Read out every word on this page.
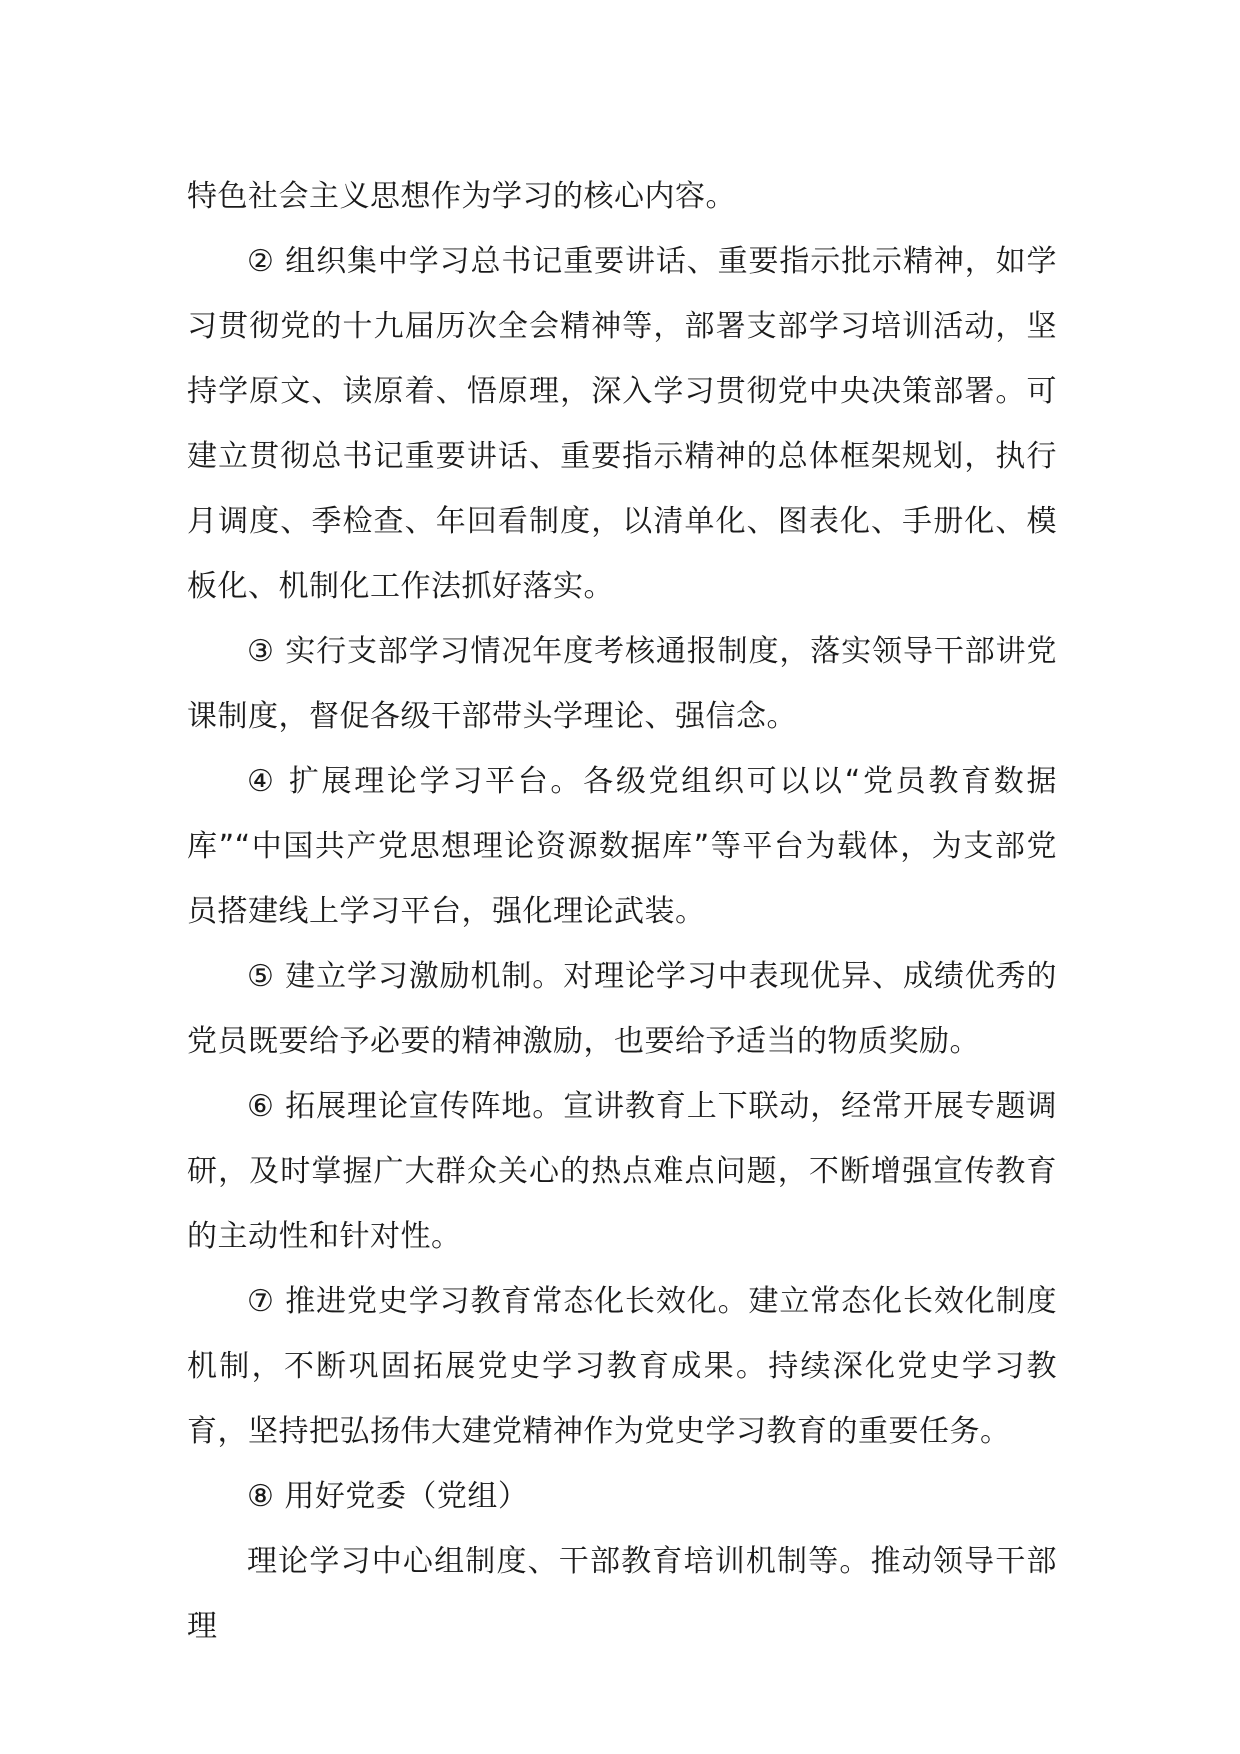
特色社会主义思想作为学习的核心内容。

② 组织集中学习总书记重要讲话、重要指示批示精神，如学习贯彻党的十九届历次全会精神等，部署支部学习培训活动，坚持学原文、读原着、悟原理，深入学习贯彻党中央决策部署。可建立贯彻总书记重要讲话、重要指示精神的总体框架规划，执行月调度、季检查、年回看制度，以清单化、图表化、手册化、模板化、机制化工作法抓好落实。

③ 实行支部学习情况年度考核通报制度，落实领导干部讲党课制度，督促各级干部带头学理论、强信念。

④ 扩展理论学习平台。各级党组织可以以“党员教育数据库”“中国共产党思想理论资源数据库”等平台为载体，为支部党员搭建线上学习平台，强化理论武装。

⑤ 建立学习激励机制。对理论学习中表现优异、成绩优秀的党员既要给予必要的精神激励，也要给予适当的物质奖励。

⑥ 拓展理论宣传阵地。宣讲教育上下联动，经常开展专题调研，及时掌握广大群众关心的热点难点问题，不断增强宣传教育的主动性和针对性。

⑦ 推进党史学习教育常态化长效化。建立常态化长效化制度机制，不断巩固拓展党史学习教育成果。持续深化党史学习教育，坚持把弘扬伟大建党精神作为党史学习教育的重要任务。

⑧ 用好党委（党组）

理论学习中心组制度、干部教育培训机制等。推动领导干部理
